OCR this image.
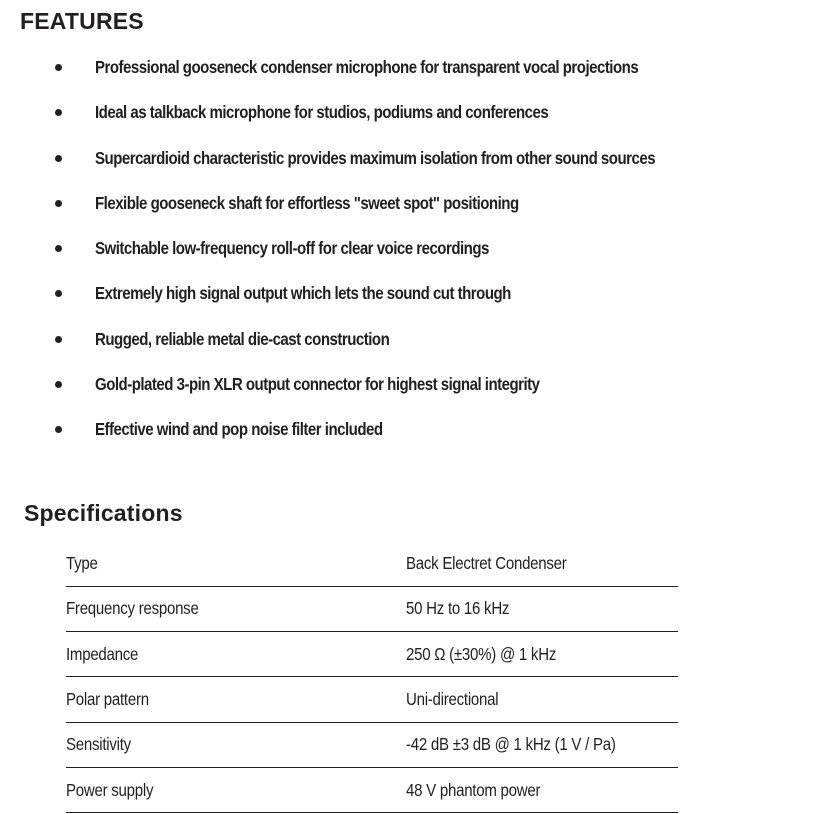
FEATURES
Professional gooseneck condenser microphone for transparent vocal projections
Ideal as talkback microphone for studios, podiums and conferences
Supercardioid characteristic provides maximum isolation from other sound sources
Flexible gooseneck shaft for effortless "sweet spot" positioning
Switchable low-frequency roll-off for clear voice recordings
Extremely high signal output which lets the sound cut through
Rugged, reliable metal die-cast construction
Gold-plated 3-pin XLR output connector for highest signal integrity
Effective wind and pop noise filter included
Specifications
Type	Back Electret Condenser
Frequency response	50 Hz to 16 kHz
Impedance	250 Ω (±30%) @ 1 kHz
Polar pattern	Uni-directional
Sensitivity	-42 dB ±3 dB @ 1 kHz (1 V / Pa)
Power supply	48 V phantom power
